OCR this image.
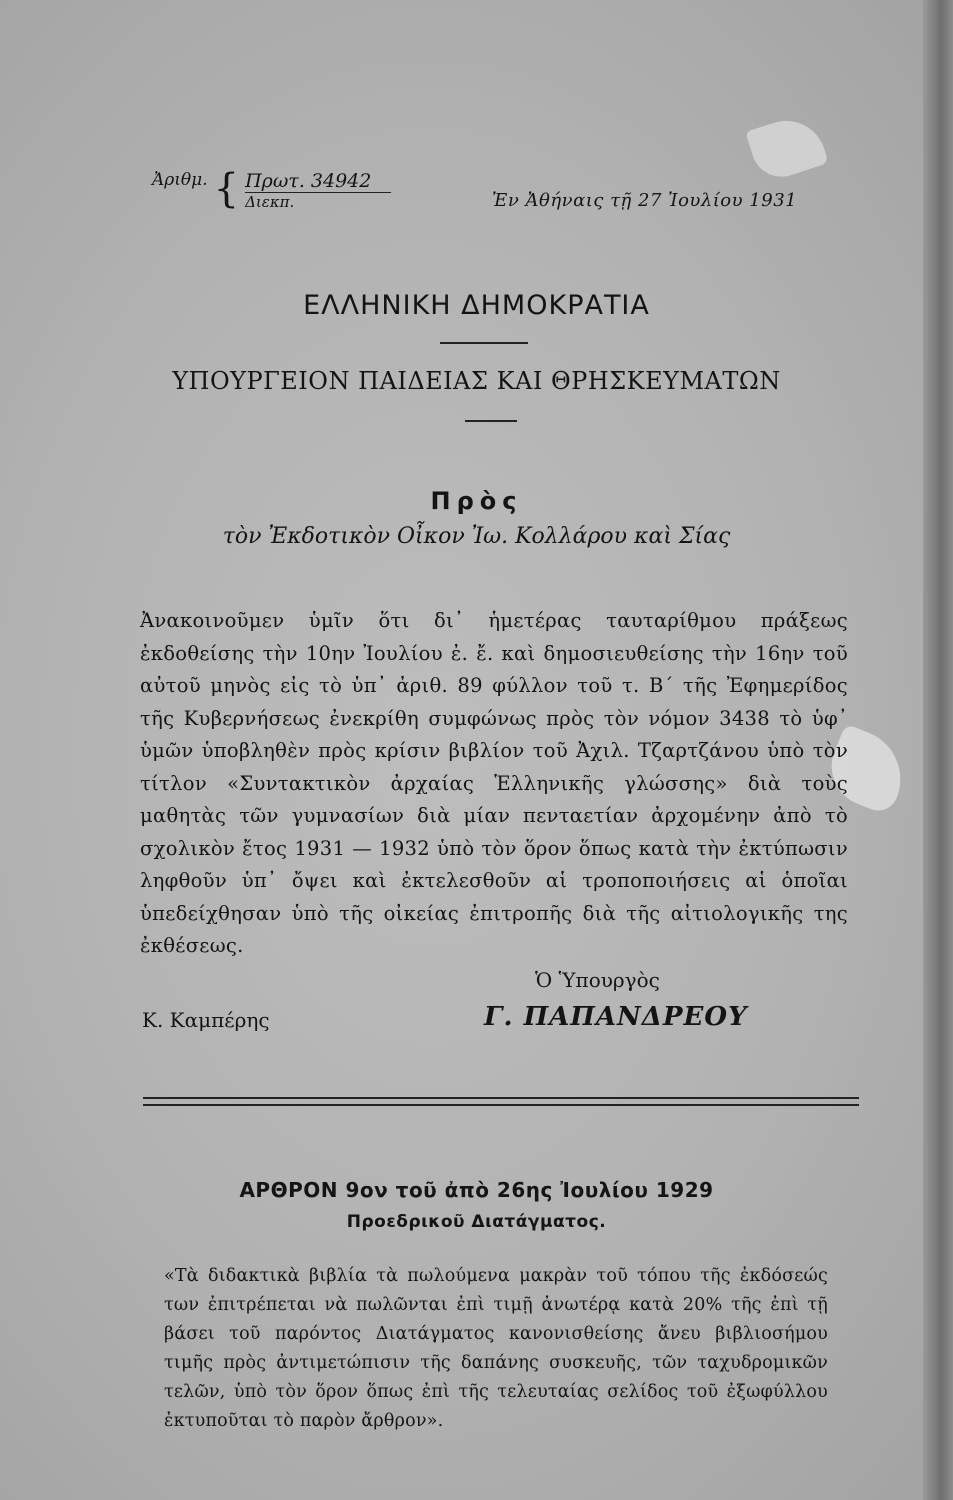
Ἀριθμ. { Πρωτ. 34942
Διεκπ.	Ἐν Ἀθήναις τῇ 27 Ἰουλίου 1931
ΕΛΛΗΝΙΚΗ ΔΗΜΟΚΡΑΤΙΑ
ΥΠΟΥΡΓΕΙΟΝ ΠΑΙΔΕΙΑΣ ΚΑΙ ΘΡΗΣΚΕΥΜΑΤΩΝ
Πρὸς
τὸν Ἐκδοτικὸν Οἶκον Ἰω. Κολλάρου καὶ Σίας

Ἀνακοινοῦμεν ὑμῖν ὅτι δι᾽ ἡμετέρας ταυταρίθμου πράξεως ἐκδοθείσης τὴν 10ην Ἰουλίου ἐ. ἔ. καὶ δημοσιευθείσης τὴν 16ην τοῦ αὐτοῦ μηνὸς εἰς τὸ ὑπ᾽ ἀριθ. 89 φύλλον τοῦ τ. Β΄ τῆς Ἐφημερίδος τῆς Κυβερνήσεως ἐνεκρίθη συμφώνως πρὸς τὸν νόμον 3438 τὸ ὑφ᾽ ὑμῶν ὑποβληθὲν πρὸς κρίσιν βιβλίον τοῦ Ἀχιλ. Τζαρτζάνου ὑπὸ τὸν τίτλον «Συντακτικὸν ἀρχαίας Ἑλληνικῆς γλώσσης» διὰ τοὺς μαθητὰς τῶν γυμνασίων διὰ μίαν πενταετίαν ἀρχομένην ἀπὸ τὸ σχολικὸν ἔτος 1931 — 1932 ὑπὸ τὸν ὅρον ὅπως κατὰ τὴν ἐκτύπωσιν ληφθοῦν ὑπ᾽ ὄψει καὶ ἐκτελεσθοῦν αἱ τροποποιήσεις αἱ ὁποῖαι ὑπεδείχθησαν ὑπὸ τῆς οἰκείας ἐπιτροπῆς διὰ τῆς αἰτιολογικῆς της ἐκθέσεως.

Ὁ Ὑπουργὸς
Κ. Καμπέρης	Γ. ΠΑΠΑΝΔΡΕΟΥ
ΑΡΘΡΟΝ 9ον τοῦ ἀπὸ 26ης Ἰουλίου 1929
Προεδρικοῦ Διατάγματος.

«Τὰ διδακτικὰ βιβλία τὰ πωλούμενα μακρὰν τοῦ τόπου τῆς ἐκδόσεώς των ἐπιτρέπεται νὰ πωλῶνται ἐπὶ τιμῇ ἀνωτέρᾳ κατὰ 20% τῆς ἐπὶ τῇ βάσει τοῦ παρόντος Διατάγματος κανονισθείσης ἄνευ βιβλιοσήμου τιμῆς πρὸς ἀντιμετώπισιν τῆς δαπάνης συσκευῆς, τῶν ταχυδρομικῶν τελῶν, ὑπὸ τὸν ὅρον ὅπως ἐπὶ τῆς τελευταίας σελίδος τοῦ ἐξωφύλλου ἐκτυποῦται τὸ παρὸν ἄρθρον».
